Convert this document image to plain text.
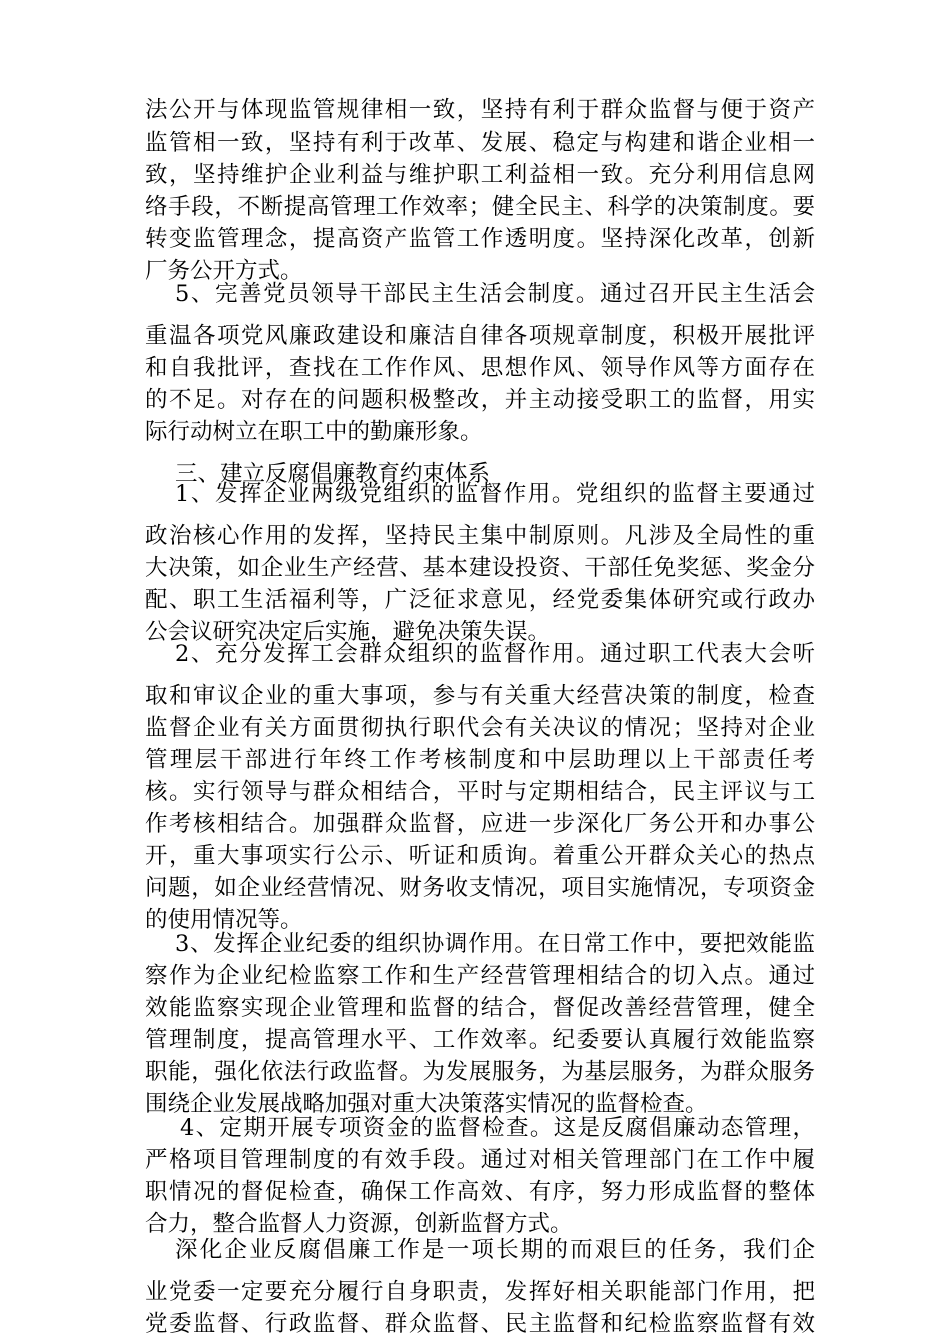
法公开与体现监管规律相一致，坚持有利于群众监督与便于资产
监管相一致，坚持有利于改革、发展、稳定与构建和谐企业相一
致，坚持维护企业利益与维护职工利益相一致。充分利用信息网
络手段，不断提高管理工作效率；健全民主、科学的决策制度。要
转变监管理念，提高资产监管工作透明度。坚持深化改革，创新
厂务公开方式。
5、完善党员领导干部民主生活会制度。通过召开民主生活会
重温各项党风廉政建设和廉洁自律各项规章制度，积极开展批评
和自我批评，查找在工作作风、思想作风、领导作风等方面存在
的不足。对存在的问题积极整改，并主动接受职工的监督，用实
际行动树立在职工中的勤廉形象。
三、建立反腐倡廉教育约束体系
1、发挥企业两级党组织的监督作用。党组织的监督主要通过
政治核心作用的发挥，坚持民主集中制原则。凡涉及全局性的重
大决策，如企业生产经营、基本建设投资、干部任免奖惩、奖金分
配、职工生活福利等，广泛征求意见，经党委集体研究或行政办
公会议研究决定后实施，避免决策失误。
2、充分发挥工会群众组织的监督作用。通过职工代表大会听
取和审议企业的重大事项，参与有关重大经营决策的制度，检查
监督企业有关方面贯彻执行职代会有关决议的情况；坚持对企业
管理层干部进行年终工作考核制度和中层助理以上干部责任考
核。实行领导与群众相结合，平时与定期相结合，民主评议与工
作考核相结合。加强群众监督，应进一步深化厂务公开和办事公
开，重大事项实行公示、听证和质询。着重公开群众关心的热点
问题，如企业经营情况、财务收支情况，项目实施情况，专项资金
的使用情况等。
3、发挥企业纪委的组织协调作用。在日常工作中，要把效能监
察作为企业纪检监察工作和生产经营管理相结合的切入点。通过
效能监察实现企业管理和监督的结合，督促改善经营管理，健全
管理制度，提高管理水平、工作效率。纪委要认真履行效能监察
职能，强化依法行政监督。为发展服务，为基层服务，为群众服务
围绕企业发展战略加强对重大决策落实情况的监督检查。
4、定期开展专项资金的监督检查。这是反腐倡廉动态管理，
严格项目管理制度的有效手段。通过对相关管理部门在工作中履
职情况的督促检查，确保工作高效、有序，努力形成监督的整体
合力，整合监督人力资源，创新监督方式。
深化企业反腐倡廉工作是一项长期的而艰巨的任务，我们企
业党委一定要充分履行自身职责，发挥好相关职能部门作用，把
党委监督、行政监督、群众监督、民主监督和纪检监察监督有效
